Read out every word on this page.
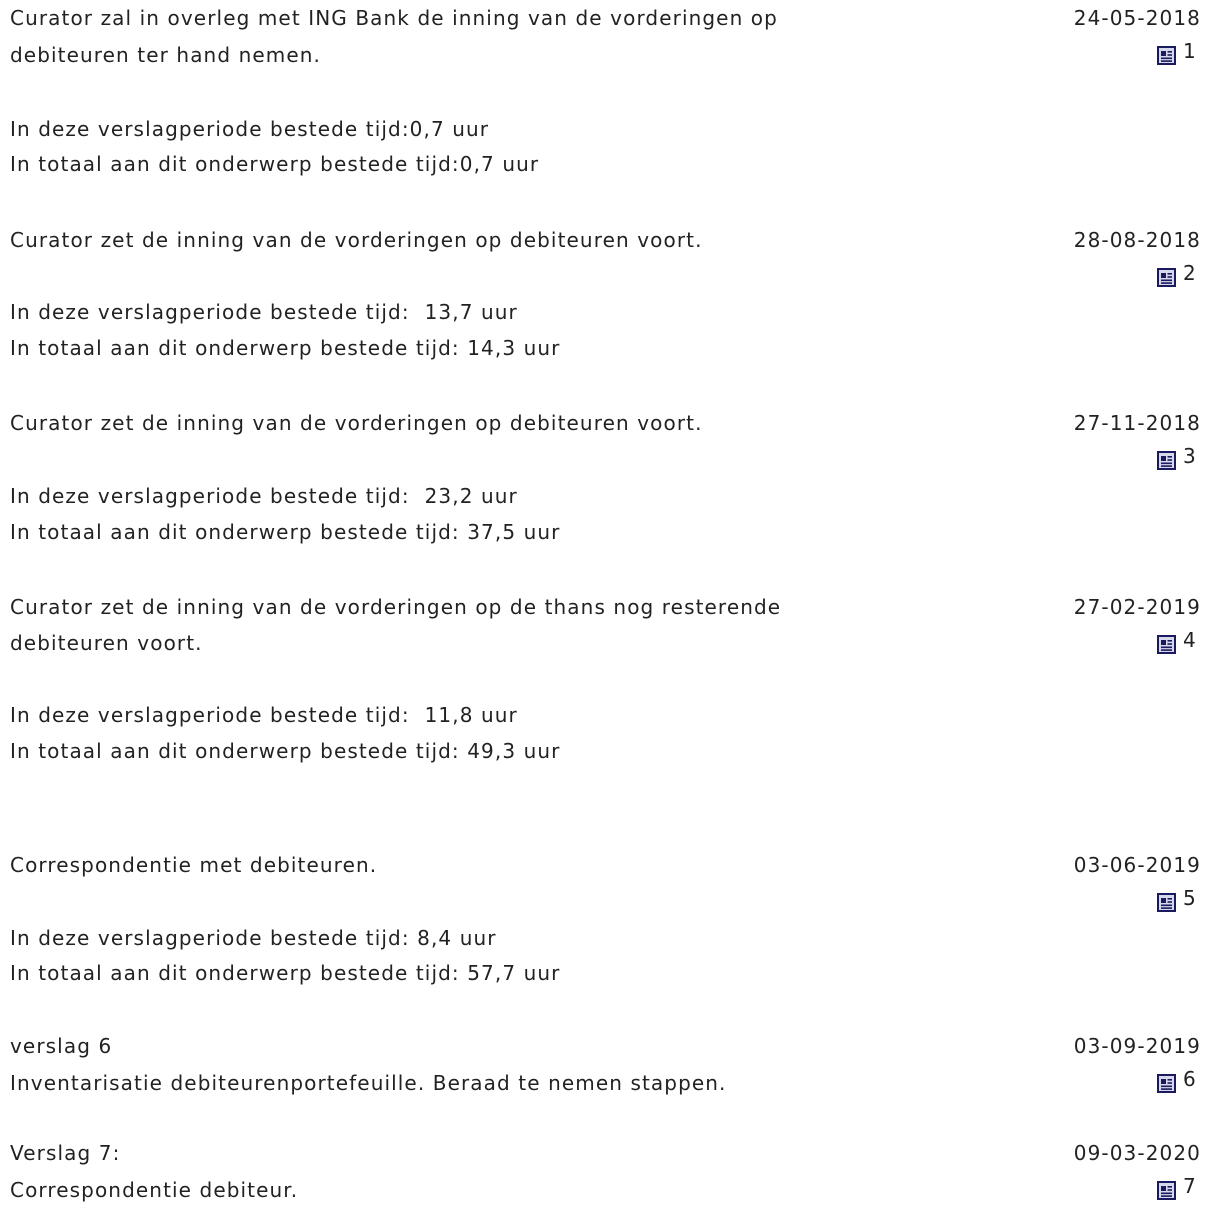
Curator zal in overleg met ING Bank de inning van de vorderingen op
debiteuren ter hand nemen.
In deze verslagperiode bestede tijd:0,7 uur
In totaal aan dit onderwerp bestede tijd:0,7 uur
24-05-2018
1
Curator zet de inning van de vorderingen op debiteuren voort.
In deze verslagperiode bestede tijd:  13,7 uur
In totaal aan dit onderwerp bestede tijd: 14,3 uur
28-08-2018
2
Curator zet de inning van de vorderingen op debiteuren voort.
In deze verslagperiode bestede tijd:  23,2 uur
In totaal aan dit onderwerp bestede tijd: 37,5 uur
27-11-2018
3
Curator zet de inning van de vorderingen op de thans nog resterende
debiteuren voort.
In deze verslagperiode bestede tijd:  11,8 uur
In totaal aan dit onderwerp bestede tijd: 49,3 uur
27-02-2019
4
Correspondentie met debiteuren.
In deze verslagperiode bestede tijd: 8,4 uur
In totaal aan dit onderwerp bestede tijd: 57,7 uur
03-06-2019
5
verslag 6
Inventarisatie debiteurenportefeuille. Beraad te nemen stappen.
03-09-2019
6
Verslag 7:
Correspondentie debiteur.
09-03-2020
7
